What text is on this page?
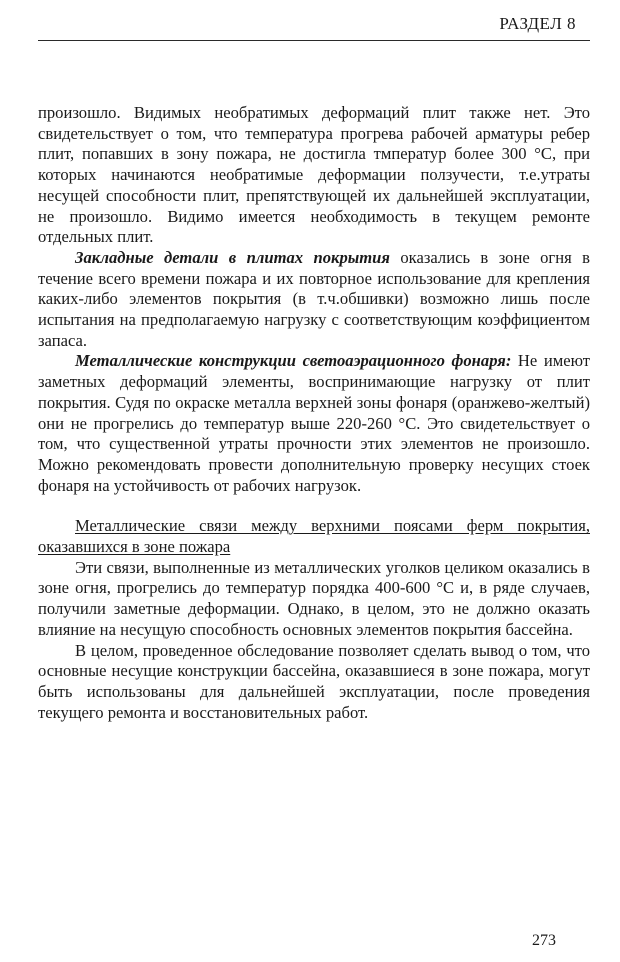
РАЗДЕЛ 8

произошло. Видимых необратимых деформаций плит также нет. Это свидетельствует о том, что температура прогрева рабочей арматуры ребер плит, попавших в зону пожара, не достигла тмператур более 300 °С, при которых начинаются необратимые деформации ползучести, т.е.утраты несущей способности плит, препятствующей их дальнейшей эксплуатации, не произошло. Видимо имеется необходимость в текущем ремонте отдельных плит.

Закладные детали в плитах покрытия оказались в зоне огня в течение всего времени пожара и их повторное использование для крепления каких-либо элементов покрытия (в т.ч.обшивки) возможно лишь после испытания на предполагаемую нагрузку с соответствующим коэффициентом запаса.

Металлические конструкции светоаэрационного фонаря: Не имеют заметных деформаций элементы, воспринимающие нагрузку от плит покрытия. Судя по окраске металла верхней зоны фонаря (оранжево-желтый) они не прогрелись до температур выше 220-260 °С. Это свидетельствует о том, что существенной утраты прочности этих элементов не произошло. Можно рекомендовать провести дополнительную проверку несущих стоек фонаря на устойчивость от рабочих нагрузок.

Металлические связи между верхними поясами ферм покрытия, оказавшихся в зоне пожара

Эти связи, выполненные из металлических уголков целиком оказались в зоне огня, прогрелись до температур порядка 400-600 °С и, в ряде случаев, получили заметные деформации. Однако, в целом, это не должно оказать влияние на несущую способность основных элементов покрытия бассейна.

В целом, проведенное обследование позволяет сделать вывод о том, что основные несущие конструкции бассейна, оказавшиеся в зоне пожара, могут быть использованы для дальнейшей эксплуатации, после проведения текущего ремонта и восстановительных работ.

273
